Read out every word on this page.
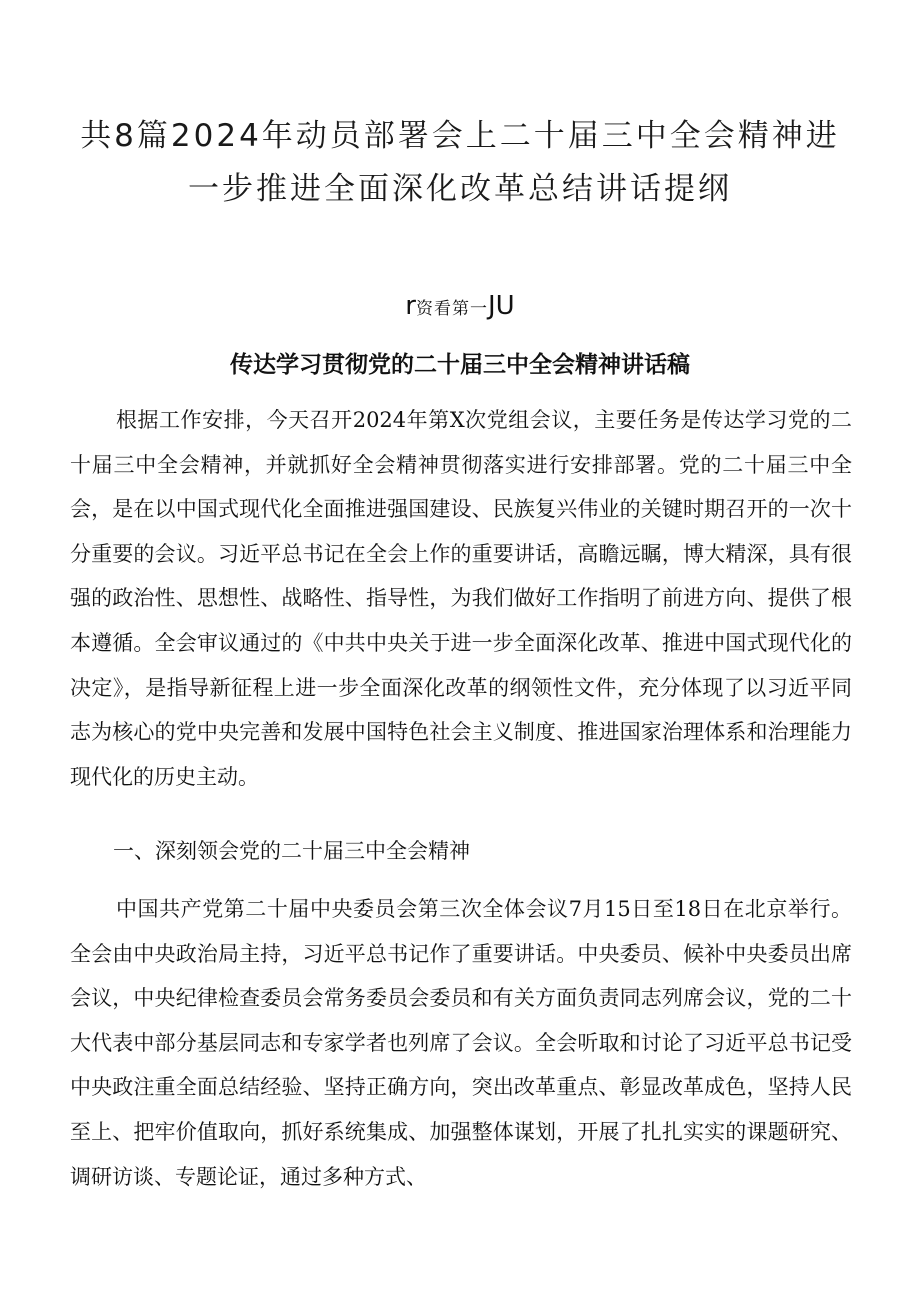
共8篇2024年动员部署会上二十届三中全会精神进
一步推进全面深化改革总结讲话提纲
r资看第一JU
传达学习贯彻党的二十届三中全会精神讲话稿

根据工作安排，今天召开2024年第X次党组会议，主要任务是传达学习党的二十届三中全会精神，并就抓好全会精神贯彻落实进行安排部署。党的二十届三中全会，是在以中国式现代化全面推进强国建设、民族复兴伟业的关键时期召开的一次十分重要的会议。习近平总书记在全会上作的重要讲话，高瞻远瞩，博大精深，具有很强的政治性、思想性、战略性、指导性，为我们做好工作指明了前进方向、提供了根本遵循。全会审议通过的《中共中央关于进一步全面深化改革、推进中国式现代化的决定》，是指导新征程上进一步全面深化改革的纲领性文件，充分体现了以习近平同志为核心的党中央完善和发展中国特色社会主义制度、推进国家治理体系和治理能力现代化的历史主动。

一、深刻领会党的二十届三中全会精神

中国共产党第二十届中央委员会第三次全体会议7月15日至18日在北京举行。全会由中央政治局主持，习近平总书记作了重要讲话。中央委员、候补中央委员出席会议，中央纪律检查委员会常务委员会委员和有关方面负责同志列席会议，党的二十大代表中部分基层同志和专家学者也列席了会议。全会听取和讨论了习近平总书记受中央政注重全面总结经验、坚持正确方向，突出改革重点、彰显改革成色，坚持人民至上、把牢价值取向，抓好系统集成、加强整体谋划，开展了扎扎实实的课题研究、调研访谈、专题论证，通过多种方式、
